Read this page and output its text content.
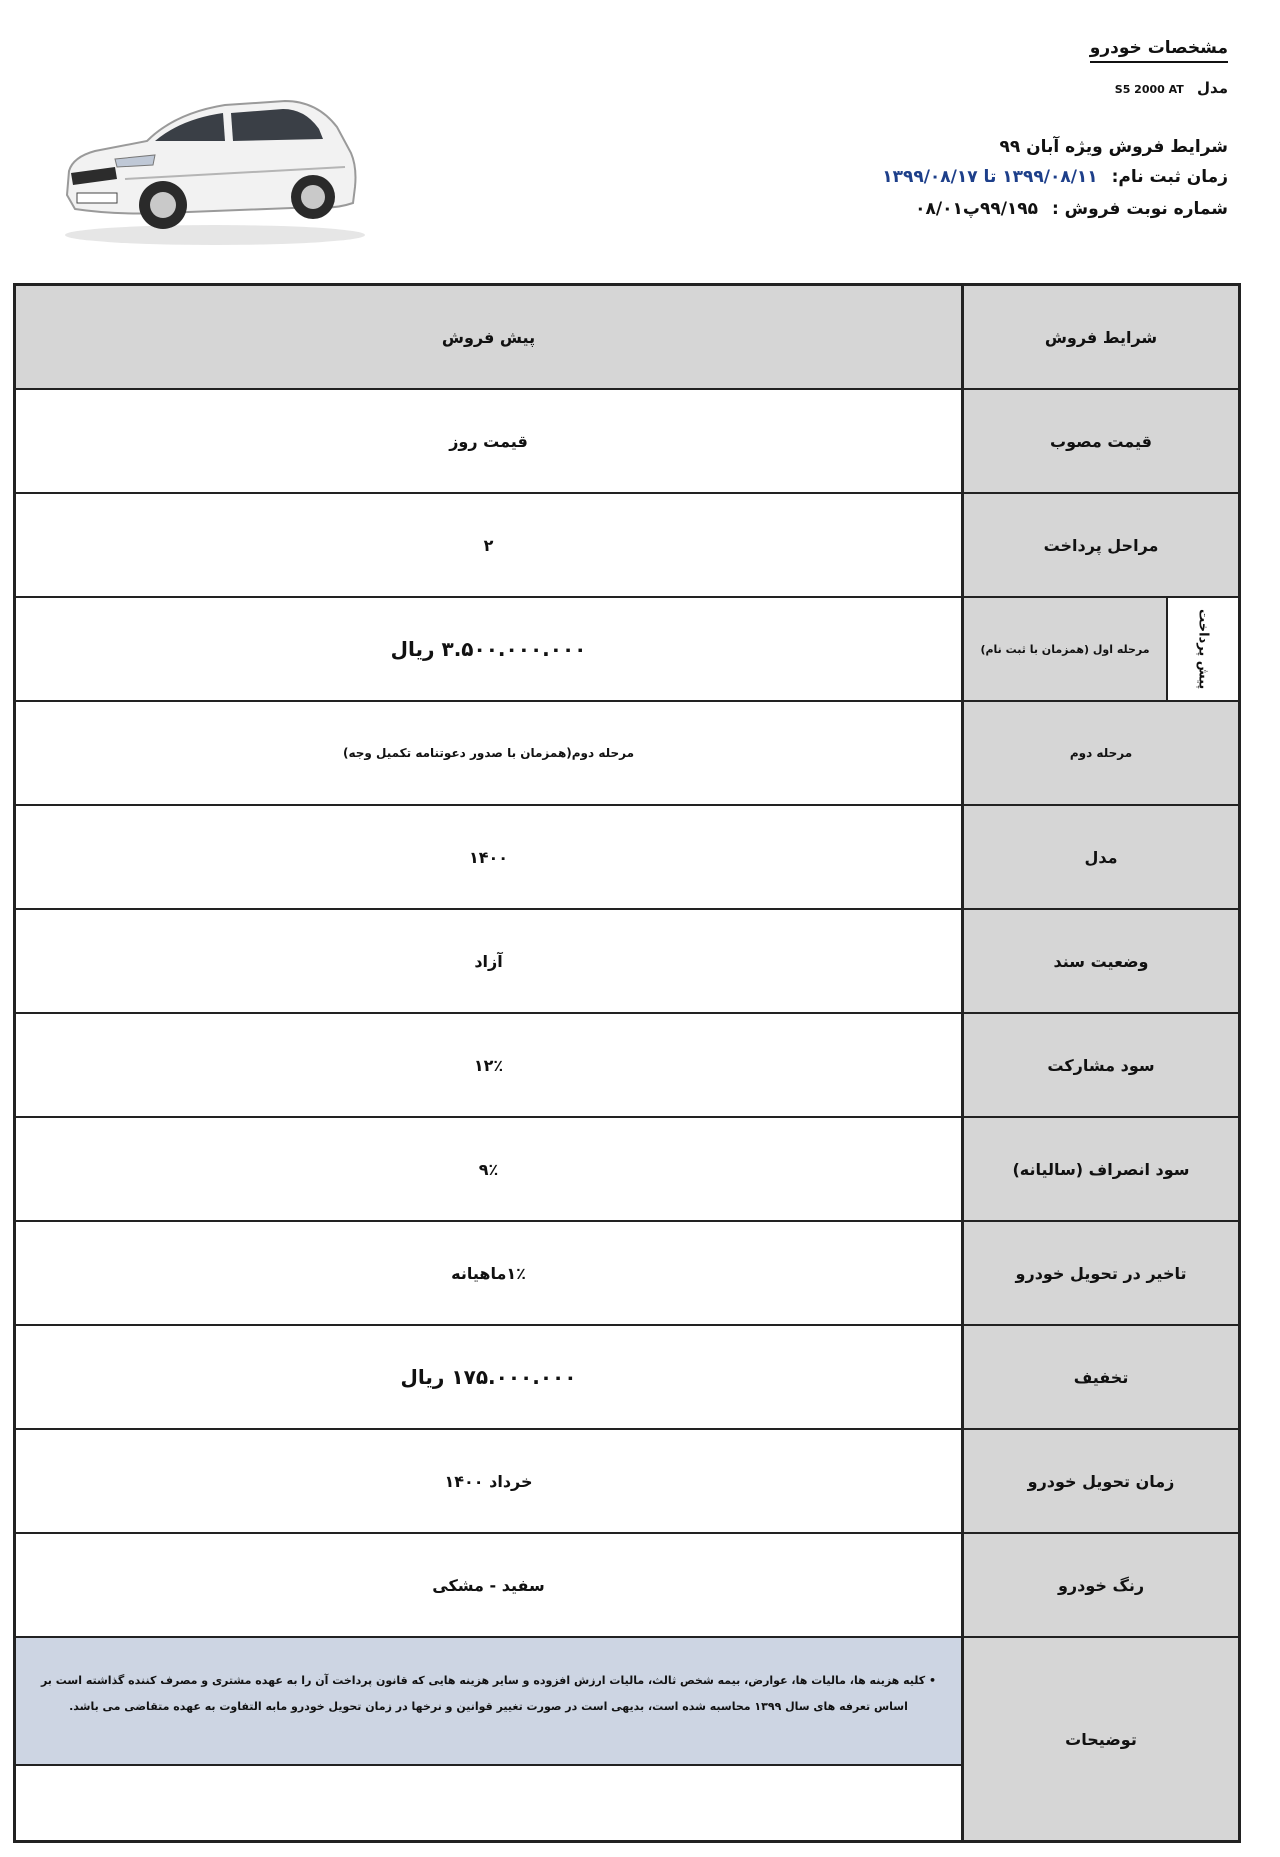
مشخصات خودرو
مدل S5 2000 AT
شرایط فروش ویژه آبان ۹۹
زمان ثبت نام: ۱۳۹۹/۰۸/۱۱ تا ۱۳۹۹/۰۸/۱۷
شماره نوبت فروش : ۹۹/۱۹۵پ۰۸/۰۱
شرایط فروش
پیش فروش
قیمت مصوب
قیمت روز
مراحل پرداخت
۲
پیش پرداخت
مرحله اول (همزمان با ثبت نام)
۳.۵۰۰.۰۰۰.۰۰۰ ریال
مرحله دوم
مرحله دوم(همزمان با صدور دعوتنامه تکمیل وجه)
مدل
۱۴۰۰
وضعیت سند
آزاد
سود مشارکت
۱۲٪
سود انصراف (سالیانه)
۹٪
تاخیر در تحویل خودرو
۱٪ماهیانه
تخفیف
۱۷۵.۰۰۰.۰۰۰ ریال
زمان تحویل خودرو
خرداد ۱۴۰۰
رنگ خودرو
سفید - مشکی
توضیحات
• کلیه هزینه ها، مالیات ها، عوارض، بیمه شخص ثالث، مالیات ارزش افزوده و سایر هزینه هایی که قانون پرداخت آن را به عهده مشتری و مصرف کننده گذاشته است بر
اساس تعرفه های سال ۱۳۹۹ محاسبه شده است، بدیهی است در صورت تغییر قوانین و نرخها در زمان تحویل خودرو مابه التفاوت به عهده متقاضی می باشد.
